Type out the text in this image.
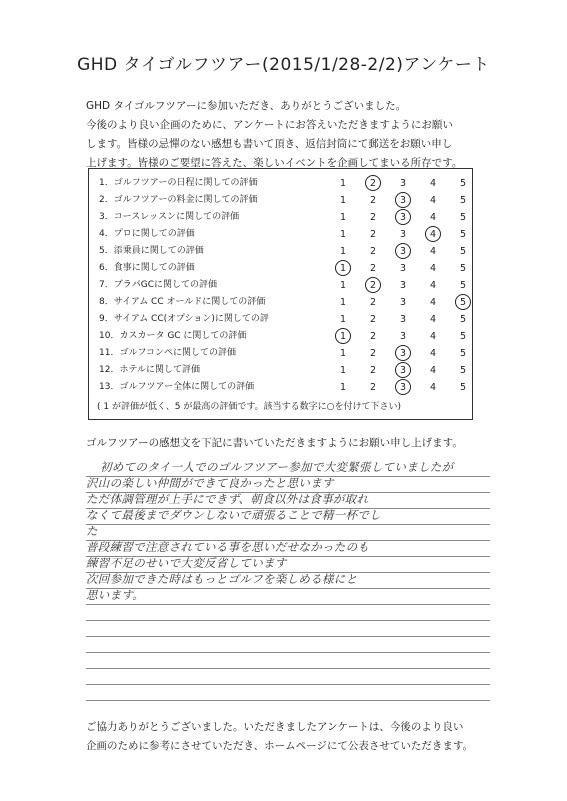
GHD タイゴルフツアー(2015/1/28-2/2)アンケート
GHD タイゴルフツアーに参加いただき、ありがとうございました。
今後のより良い企画のために、アンケートにお答えいただきますようにお願い
します。皆様の忌憚のない感想も書いて頂き、返信封筒にて郵送をお願い申し
上げます。皆様のご要望に答えた、楽しいイベントを企画してまいる所存です。
( 1 が評価が低く、5 が最高の評価です。該当する数字に○を付けて下さい)
1．ゴルフツアーの日程に関しての評価	1	2	3	4	5
2．ゴルフツアーの料金に関しての評価	1	2	3	4	5
3．コースレッスンに関しての評価	1	2	3	4	5
4．プロに関しての評価	1	2	3	4	5
5．添乗員に関しての評価	1	2	3	4	5
6．食事に関しての評価	1	2	3	4	5
7．ブラパGCに関しての評価	1	2	3	4	5
8．サイアム CC オールドに関しての評価	1	2	3	4	5
9．サイアム CC(オプション)に関しての評	1	2	3	4	5
10．カスカータ GC に関しての評価	1	2	3	4	5
11．ゴルフコンペに関しての評価	1	2	3	4	5
12．ホテルに関して評価	1	2	3	4	5
13．ゴルフツアー全体に関しての評価	1	2	3	4	5
ゴルフツアーの感想文を下記に書いていただきますようにお願い申し上げます。
初めてのタイ一人でのゴルフツアー参加で大変緊張していましたが
沢山の楽しい仲間ができて良かったと思います
ただ体調管理が上手にできず、朝食以外は食事が取れ
なくて最後までダウンしないで頑張ることで精一杯でし
た
普段練習で注意されている事を思いだせなかったのも
練習不足のせいで大変反省しています
次回参加できた時はもっとゴルフを楽しめる様にと
思います。
ご協力ありがとうございました。いただきましたアンケートは、今後のより良い
企画のために参考にさせていただき、ホームページにて公表させていただきます。
